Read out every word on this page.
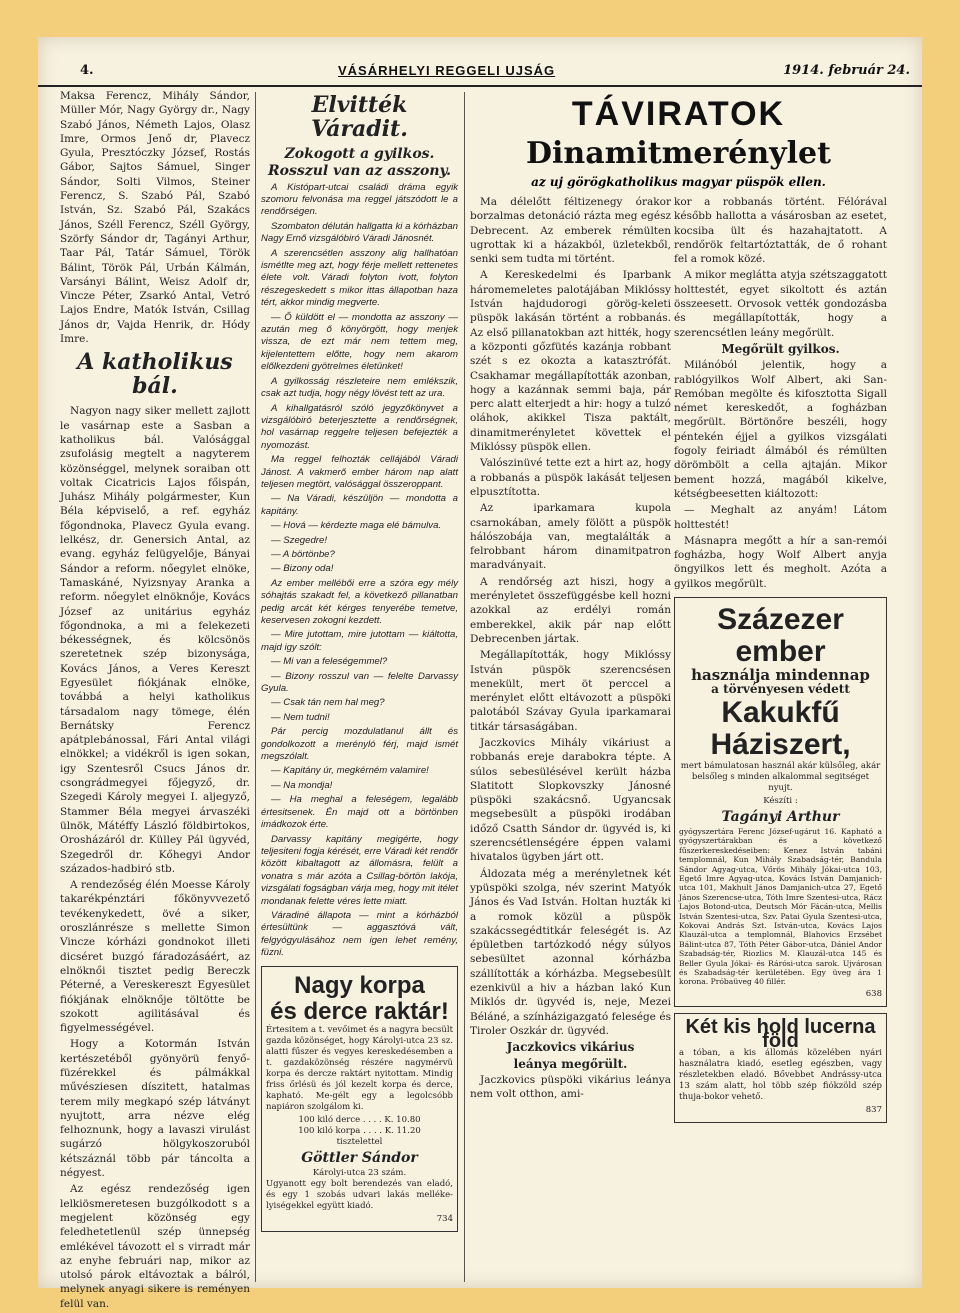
4.	VÁSÁRHELYI REGGELI UJSÁG	1914. február 24.

Maksa Ferencz, Mihály Sándor, Müller Mór, Nagy György dr., Nagy Szabó János, Németh Lajos, Olasz Imre, Ormos Jenő dr, Plavecz Gyula, Presztóczky József, Rostás Gábor, Sajtos Sámuel, Singer Sándor, Solti Vilmos, Steiner Ferencz, S. Szabó Pál, Szabó István, Sz. Szabó Pál, Szakács János, Széll Ferencz, Széll György, Szörfy Sándor dr, Tagányi Arthur, Taar Pál, Tatár Sámuel, Török Bálint, Török Pál, Urbán Kálmán, Varsányi Bálint, Weisz Adolf dr, Vincze Péter, Zsarkó Antal, Vetró Lajos Endre, Matók István, Csillag János dr, Vajda Henrik, dr. Hódy Imre.

A katholikus bál.

Nagyon nagy siker mellett zajlott le vasárnap este a Sasban a katholikus bál. Valósággal zsufolásig megtelt a nagyterem közönséggel, melynek soraiban ott voltak Cicatricis Lajos főispán, Juhász Mihály polgármester, Kun Béla képviselő, a ref. egyház főgondnoka, Plavecz Gyula evang. lelkész, dr. Genersich Antal, az evang. egyház felügyelője, Bányai Sándor a reform. nőegylet elnöke, Tamaskáné, Nyizsnyay Aranka a reform. nőegylet elnöknője, Kovács József az unitárius egyház főgondnoka, a mi a felekezeti békességnek, és kölcsönös szeretetnek szép bizonysága, Kovács János, a Veres Kereszt Egyesület fiókjának elnöke, továbbá a helyi katholikus társadalom nagy tömege, élén Bernátsky Ferencz apátplebánossal, Fári Antal világi elnökkel; a vidékről is igen sokan, igy Szentesről Csucs János dr. csongrádmegyei főjegyző, dr. Szegedi Károly megyei I. aljegyző, Stammer Béla megyei árvaszéki ülnök, Mátéffy László földbirtokos, Orosházáról dr. Külley Pál ügyvéd, Szegedről dr. Kőhegyi Andor százados-hadbiró stb.

A rendezőség élén Moesse Károly takarékpénztári főkönyvvezető tevékenykedett, övé a siker, oroszlánrésze s mellette Simon Vincze kórházi gondnokot illeti dicséret buzgó fáradozásáért, az elnöknői tisztet pedig Bereczk Péterné, a Vereskereszt Egyesület fiókjának elnöknője töltötte be szokott agilitásával és figyelmességével.

Hogy a Kotormán István kertészetéből gyönyörü fenyő-füzérekkel és pálmákkal művésziesen díszitett, hatalmas terem mily megkapó szép látványt nyujtott, arra nézve elég felhoznunk, hogy a lavaszi virulást sugárzó hölgykoszoruból kétszáznál több pár táncolta a négyest.

Az egész rendezőség igen lelkiösmeretesen buzgólkodott s a megjelent közönség egy feledhetetlenül szép ünnepség emlékével távozott el s virradt már az enyhe februári nap, mikor az utolsó párok eltávoztak a bálról, melynek anyagi sikere is reményen felül van.

Elvitték Váradit.
Zokogott a gyilkos.
Rosszul van az asszony.

A Kistópart-utcai családi dráma egyik szomoru felvonása ma reggel játszódott le a rendőrségen.

Szombaton délután hallgatta ki a kórházban Nagy Ernő vizsgálóbiró Váradi Jánosnét.

A szerencsétlen asszony alig hallhatóan ismétlte meg azt, hogy férje mellett rettenetes élete volt. Váradi folyton ivott, folyton részegeskedett s mikor ittas állapotban haza tért, akkor mindig megverte.

— Ő küldött el — mondotta az asszony — azután meg ő könyörgött, hogy menjek vissza, de ezt már nem tettem meg, kijelentettem előtte, hogy nem akarom előlkezdeni gyötrelmes életünket!

A gyilkosság részleteire nem emlékszik, csak azt tudja, hogy négy lövést tett az ura.

A kihallgatásról szóló jegyzőkönyvet a vizsgálóbiró beterjesztette a rendőrségnek, hol vasárnap reggelre teljesen befejezték a nyomozást.

Ma reggel felhozták cellájából Váradi Jánost. A vakmerő ember három nap alatt teljesen megtört, valósággal összeroppant.

— Na Váradi, készüljön — mondotta a kapitány.

— Hová — kérdezte maga elé bámulva.

— Szegedre!

— A börtönbe?

— Bizony oda!

Az ember mellébői erre a szóra egy mély sóhajtás szakadt fel, a következő pillanatban pedig arcát két kérges tenyerébe temetve, keservesen zokogni kezdett.

— Mire jutottam, mire jutottam — kiáltotta, majd igy szólt:

— Mi van a feleségemmel?

— Bizony rosszul van — felelte Darvassy Gyula.

— Csak tán nem hal meg?

— Nem tudni!

Pár percig mozdulatlanul állt és gondolkozott a merényló férj, majd ismét megszólalt.

— Kapitány úr, megkérném valamire!

— Na mondja!

— Ha meghal a feleségem, legalább értesitsenek. Én majd ott a börtönben imádkozok érte.

Darvassy kapitány megigérte, hogy teljesiteni fogja kérését, erre Váradi két rendőr között kibaltagott az állomásra, felült a vonatra s már azóta a Csillag-börtön lakója, vizsgálati fogságban várja meg, hogy mit itélet mondanak felette véres lette miatt.

Váradiné állapota — mint a kórházból értesültünk — aggasztóvá vált, felgyógyulásához nem igen lehet remény, füzni.

Nagy korpa
és derce raktár!

Értesitem a t. vevőimet és a nagyra becsült gazda közönséget, hogy Károlyi-utca 23 sz. alatti fűszer és vegyes kereskedésemben a t. gazdaközönség részére nagymérvü korpa és dercze raktárt nyitottam. Mindig friss őrlésü és jól kezelt korpa és derce, kapható. Me-gélt egy a legolcsóbb napiáron szolgálom ki.

100 kiló derce . . . . K. 10.80
100 kiló korpa . . . . K. 11.20
tisztelettel
Göttler Sándor
Károlyi-utca 23 szám.

Ugyanott egy bolt berendezés van eladó, és egy 1 szobás udvari lakás melléke-lyiségekkel együtt kiadó.

734
TÁVIRATOK
Dinamitmerénylet
az uj görögkatholikus magyar püspök ellen.

Ma délelőtt féltizenegy órakor borzalmas detonáció rázta meg egész Debrecent. Az emberek rémülten ugrottak ki a házakból, üzletekből, senki sem tudta mi történt.

A Kereskedelmi és Iparbank háromemeletes palotájában Miklóssy István hajdudorogi görög-keleti püspök lakásán történt a robbanás. Az első pillanatokban azt hitték, hogy a központi gőzfütés kazánja robbant szét s ez okozta a katasztrófát. Csakhamar megállapították azonban, hogy a kazánnak semmi baja, pár perc alatt elterjedt a hir: hogy a tulzó oláhok, akikkel Tisza paktált, dinamitmerényletet követtek el Miklóssy püspök ellen.

Valószinüvé tette ezt a hirt az, hogy a robbanás a püspök lakását teljesen elpusztította.

Az iparkamara kupola csarnokában, amely fölött a püspök hálószobája van, megtalálták a felrobbant három dinamitpatron maradványait.

A rendőrség azt hiszi, hogy a merényletet összefüggésbe kell hozni azokkal az erdélyi román emberekkel, akik pár nap előtt Debrecenben jártak.

Megállapították, hogy Miklóssy István püspök szerencsésen menekült, mert öt perccel a merénylet előtt eltávozott a püspöki palotából Szávay Gyula iparkamarai titkár társaságában.

Jaczkovics Mihály vikáriust a robbanás ereje darabokra tépte. A súlos sebesülésével került házba Slatitott Slopkovszky Jánosné püspöki szakácsnő. Ugyancsak megsebesült a püspöki irodában időző Csatth Sándor dr. ügyvéd is, ki szerencsétlenségére éppen valami hivatalos ügyben járt ott.

Áldozata még a merényletnek két ypüspöki szolga, név szerint Matyók János és Vad István. Holtan huzták ki a romok közül a püspök szakácssegédtitkár feleségét is. Az épületben tartózkodó négy súlyos sebesültet azonnal kórházba szállították a kórházba. Megsebesült ezenkivül a hiv a házban lakó Kun Miklós dr. ügyvéd is, neje, Mezei Béláné, a színházigazgató felesége és Tiroler Oszkár dr. ügyvéd.

Jaczkovics vikárius
leánya megőrült.

Jaczkovics püspöki vikárius leánya nem volt otthon, ami-

kor a robbanás történt. Félórával később hallotta a vásárosban az esetet, kocsiba ült és hazahajtatott. A rendőrök feltartóztatták, de ő rohant fel a romok közé.

A mikor meglátta atyja szétszaggatott holttestét, egyet sikoltott és aztán összeesett. Orvosok vették gondozásba és megállapították, hogy a szerencsétlen leány megőrült.

Megőrült gyilkos.

Milánóból jelentik, hogy a rablógyilkos Wolf Albert, aki San-Remóban megölte és kifosztotta Sigall német kereskedőt, a fogházban megőrült. Börtönőre beszéli, hogy péntekén éjjel a gyilkos vizsgálati fogoly feiriadt álmából és rémülten dörömbölt a cella ajtaján. Mikor bement hozzá, magából kikelve, kétségbeesetten kiáltozott:

— Meghalt az anyám! Látom holttestét!

Másnapra megőtt a hír a san-remói fogházba, hogy Wolf Albert anyja öngyilkos lett és megholt. Azóta a gyilkos megőrült.

Százezer ember
használja mindennap
a törvényesen védett
Kakukfű Háziszert,

mert bámulatosan használ akár külsőleg, akár belsőleg s minden alkalommal segitséget nyujt.

Készíti :
Tagányi Arthur

gyógyszertára Ferenc József-ugárut 16. Kapható a gyógyszertárakban és a következő fűszerkereskedéseiben: Kenez István tabáni templomnál, Kun Mihály Szabadság-tér, Bandula Sándor Agyag-utca, Vőrös Mihály Jókai-utca 103, Egető Imre Agyag-utca, Kovács István Damjanich-utca 101, Makhult János Damjanich-utca 27, Egető János Szerencse-utca, Tóth Imre Szentesi-utca, Rácz Lajos Botond-utca, Deutsch Mór Fácán-utca, Mellis István Szentesi-utca, Szv. Patai Gyula Szentesi-utca, Kokovai András Szt. István-utca, Kovács Lajos Klauzál-utca a templomnál, Blahovics Erzsébet Bálint-utca 87, Tóth Péter Gábor-utca, Dániel Andor Szabadság-tér, Riozlics M. Klauzál-utca 145 és Beller Gyula Jókai- és Rárósi-utca sarok. Ujvárosan és Szabadság-tér kerületében. Egy üveg ára 1 korona. Próbaüveg 40 fillér.

638
Két kis hold lucerna föld

a tóban, a kis állomás közelében nyári használatra kiadó, esetleg egészben, vagy részletekben eladó. Bővebbet Andrássy-utca 13 szám alatt, hol több szép fiókzöld szép thuja-bokor vehető.

837
